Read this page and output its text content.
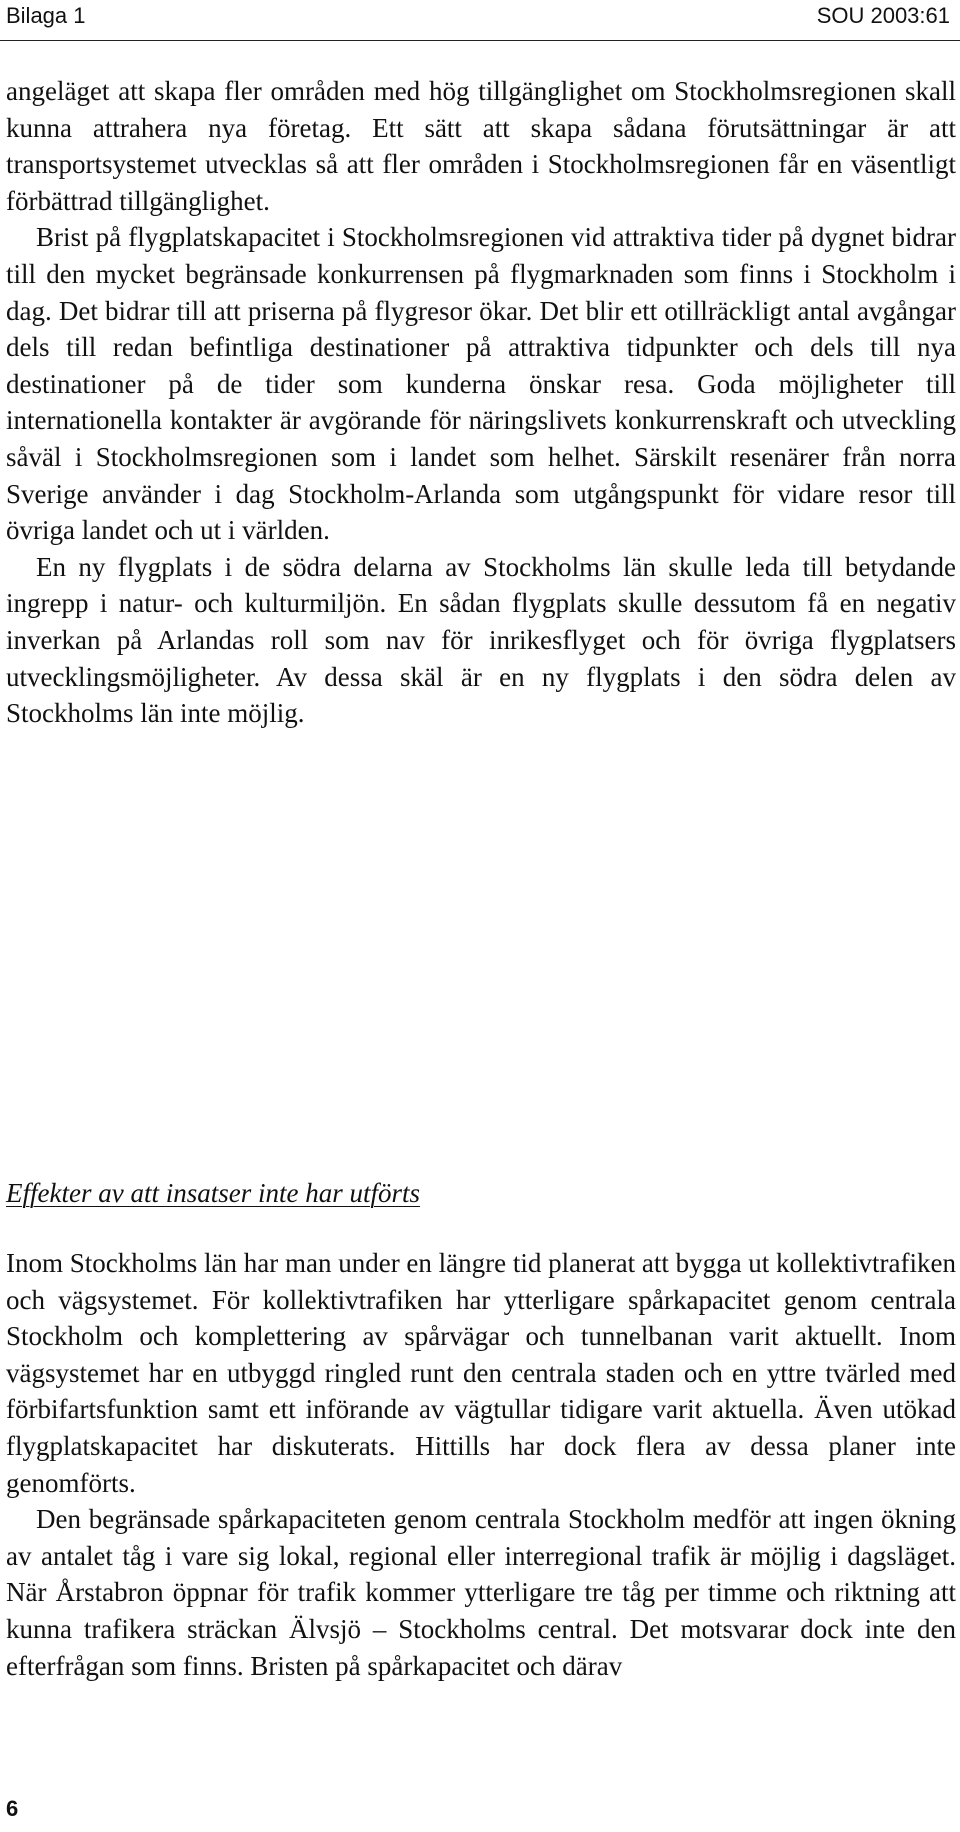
Bilaga 1	SOU 2003:61

angeläget att skapa fler områden med hög tillgänglighet om Stockholmsregionen skall kunna attrahera nya företag. Ett sätt att skapa sådana förutsättningar är att transportsystemet utvecklas så att fler områden i Stockholmsregionen får en väsentligt förbättrad tillgänglighet.

Brist på flygplatskapacitet i Stockholmsregionen vid attraktiva tider på dygnet bidrar till den mycket begränsade konkurrensen på flygmarknaden som finns i Stockholm i dag. Det bidrar till att priserna på flygresor ökar. Det blir ett otillräckligt antal avgångar dels till redan befintliga destinationer på attraktiva tidpunkter och dels till nya destinationer på de tider som kunderna önskar resa. Goda möjligheter till internationella kontakter är avgörande för näringslivets konkurrenskraft och utveckling såväl i Stockholmsregionen som i landet som helhet. Särskilt resenärer från norra Sverige använder i dag Stockholm-Arlanda som utgångspunkt för vidare resor till övriga landet och ut i världen.

En ny flygplats i de södra delarna av Stockholms län skulle leda till betydande ingrepp i natur- och kulturmiljön. En sådan flygplats skulle dessutom få en negativ inverkan på Arlandas roll som nav för inrikesflyget och för övriga flygplatsers utvecklingsmöjligheter. Av dessa skäl är en ny flygplats i den södra delen av Stockholms län inte möjlig.

Effekter av att insatser inte har utförts

Inom Stockholms län har man under en längre tid planerat att bygga ut kollektivtrafiken och vägsystemet. För kollektivtrafiken har ytterligare spårkapacitet genom centrala Stockholm och komplettering av spårvägar och tunnelbanan varit aktuellt. Inom vägsystemet har en utbyggd ringled runt den centrala staden och en yttre tvärled med förbifartsfunktion samt ett införande av vägtullar tidigare varit aktuella. Även utökad flygplatskapacitet har diskuterats. Hittills har dock flera av dessa planer inte genomförts.

Den begränsade spårkapaciteten genom centrala Stockholm medför att ingen ökning av antalet tåg i vare sig lokal, regional eller interregional trafik är möjlig i dagsläget. När Årstabron öppnar för trafik kommer ytterligare tre tåg per timme och riktning att kunna trafikera sträckan Älvsjö – Stockholms central. Det motsvarar dock inte den efterfrågan som finns. Bristen på spårkapacitet och därav

6
